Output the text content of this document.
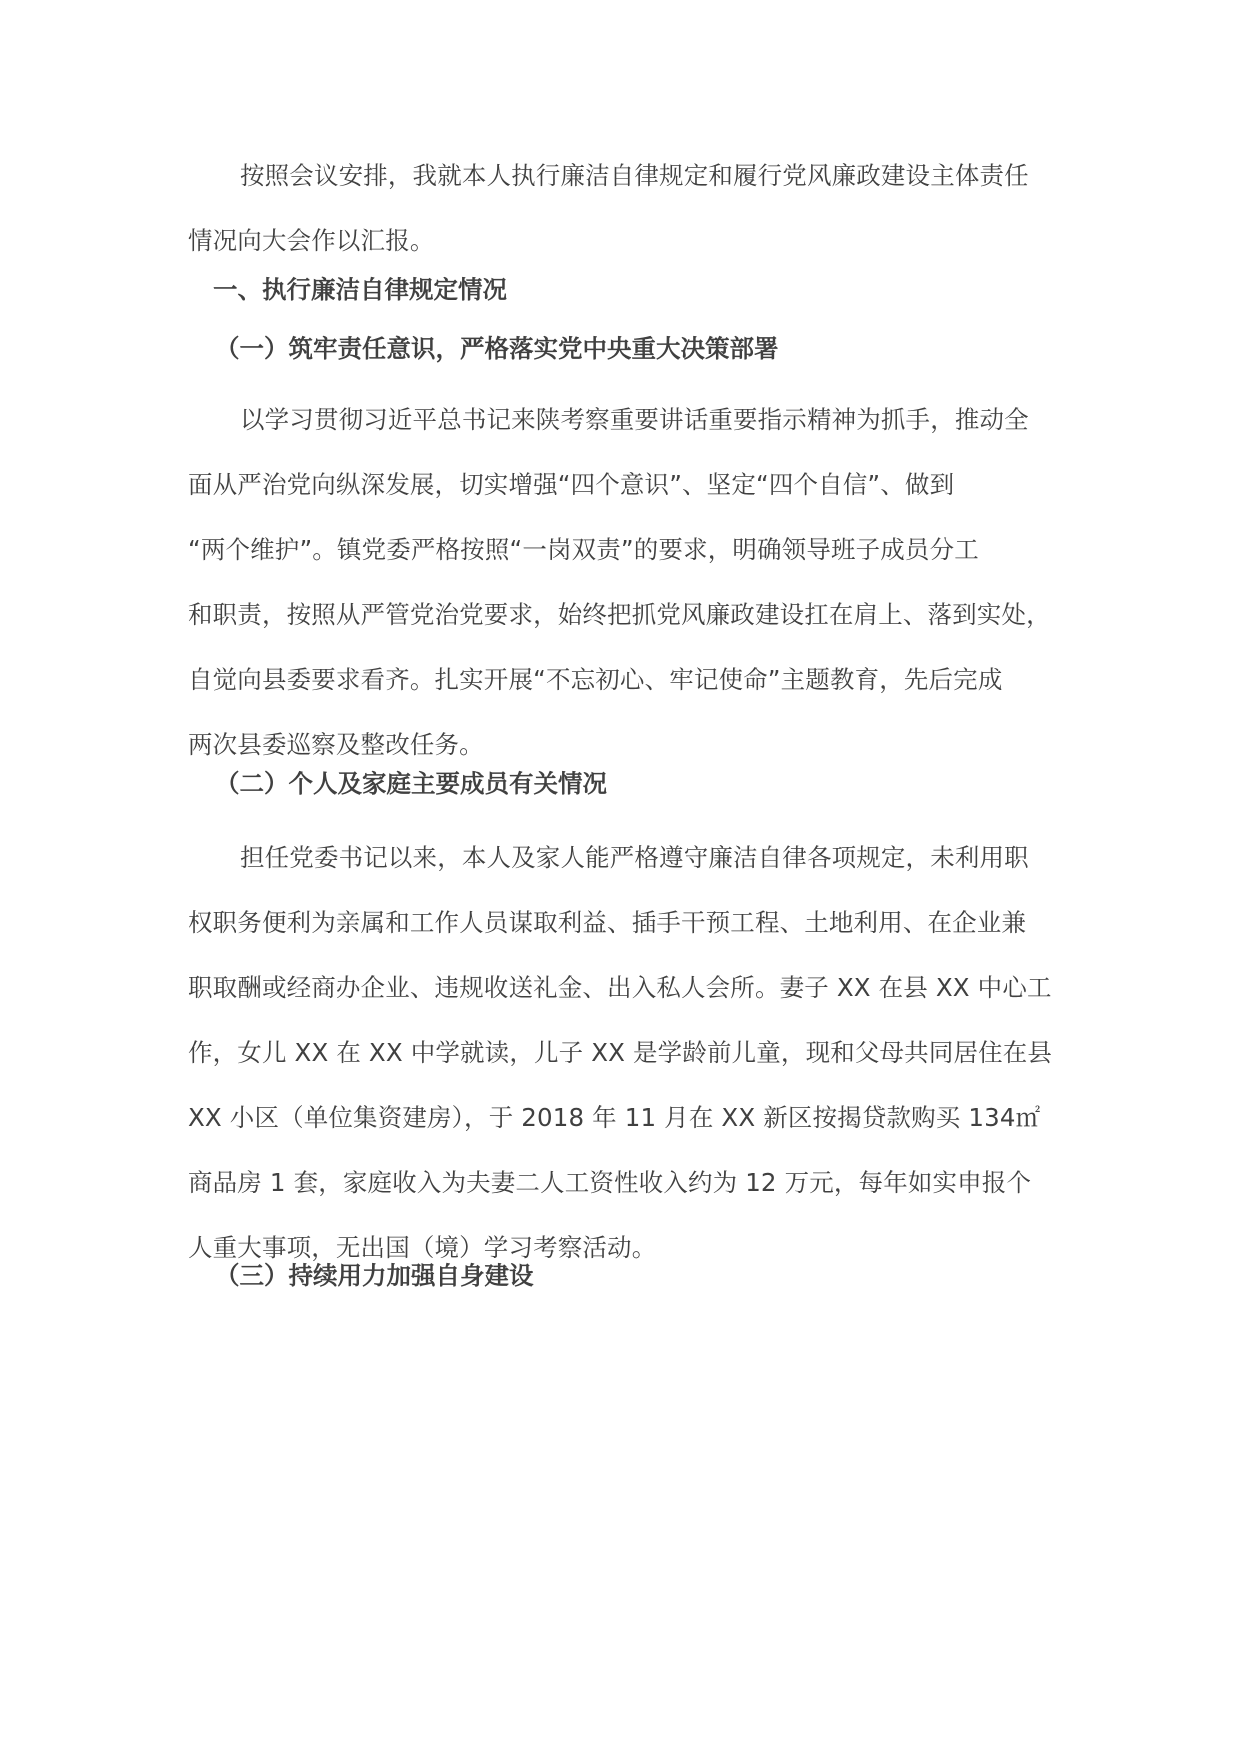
按照会议安排，我就本人执行廉洁自律规定和履行党风廉政建设主体责任
情况向大会作以汇报。
一、执行廉洁自律规定情况
（一）筑牢责任意识，严格落实党中央重大决策部署
以学习贯彻习近平总书记来陕考察重要讲话重要指示精神为抓手，推动全
面从严治党向纵深发展，切实增强“四个意识”、坚定“四个自信”、做到
“两个维护”。镇党委严格按照“一岗双责”的要求，明确领导班子成员分工
和职责，按照从严管党治党要求，始终把抓党风廉政建设扛在肩上、落到实处，
自觉向县委要求看齐。扎实开展“不忘初心、牢记使命”主题教育，先后完成
两次县委巡察及整改任务。
（二）个人及家庭主要成员有关情况
担任党委书记以来，本人及家人能严格遵守廉洁自律各项规定，未利用职
权职务便利为亲属和工作人员谋取利益、插手干预工程、土地利用、在企业兼
职取酬或经商办企业、违规收送礼金、出入私人会所。妻子 XX 在县 XX 中心工
作，女儿 XX 在 XX 中学就读，儿子 XX 是学龄前儿童，现和父母共同居住在县
XX 小区（单位集资建房），于 2018 年 11 月在 XX 新区按揭贷款购买 134㎡
商品房 1 套，家庭收入为夫妻二人工资性收入约为 12 万元，每年如实申报个
人重大事项，无出国（境）学习考察活动。
（三）持续用力加强自身建设
